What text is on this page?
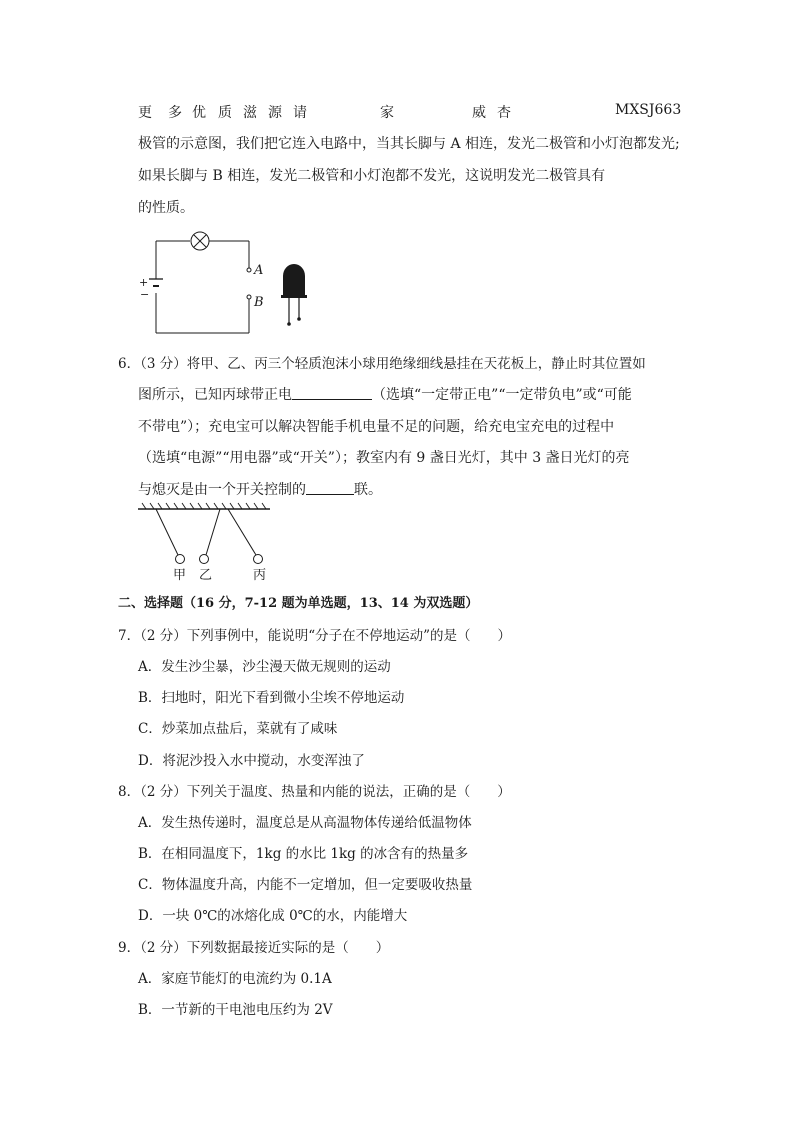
更 多 优 质 滋 源 请	家	威 杏	MXSJ663
极管的示意图，我们把它连入电路中，当其长脚与 A 相连，发光二极管和小灯泡都发光;
如果长脚与 B 相连，发光二极管和小灯泡都不发光，这说明发光二极管具有
的性质。
+
−
A
B
6．（3 分）将甲、乙、丙三个轻质泡沫小球用绝缘细线悬挂在天花板上，静止时其位置如
图所示，已知丙球带正电	（选填“一定带正电”“一定带负电”或“可能
不带电”）；充电宝可以解决智能手机电量不足的问题，给充电宝充电的过程中
（选填“电源”“用电器”或“开关”）；教室内有 9 盏日光灯，其中 3 盏日光灯的亮
与熄灭是由一个开关控制的	联。
甲 乙	丙
二、选择题（16 分，7-12 题为单选题，13、14 为双选题）
7．（2 分）下列事例中，能说明“分子在不停地运动”的是（　　）
A．发生沙尘暴，沙尘漫天做无规则的运动
B．扫地时，阳光下看到微小尘埃不停地运动
C．炒菜加点盐后，菜就有了咸味
D．将泥沙投入水中搅动，水变浑浊了
8．（2 分）下列关于温度、热量和内能的说法，正确的是（　　）
A．发生热传递时，温度总是从高温物体传递给低温物体
B．在相同温度下，1kg 的水比 1kg 的冰含有的热量多
C．物体温度升高，内能不一定增加，但一定要吸收热量
D．一块 0℃的冰熔化成 0℃的水，内能增大
9．（2 分）下列数据最接近实际的是（　　）
A．家庭节能灯的电流约为 0.1A
B．一节新的干电池电压约为 2V
